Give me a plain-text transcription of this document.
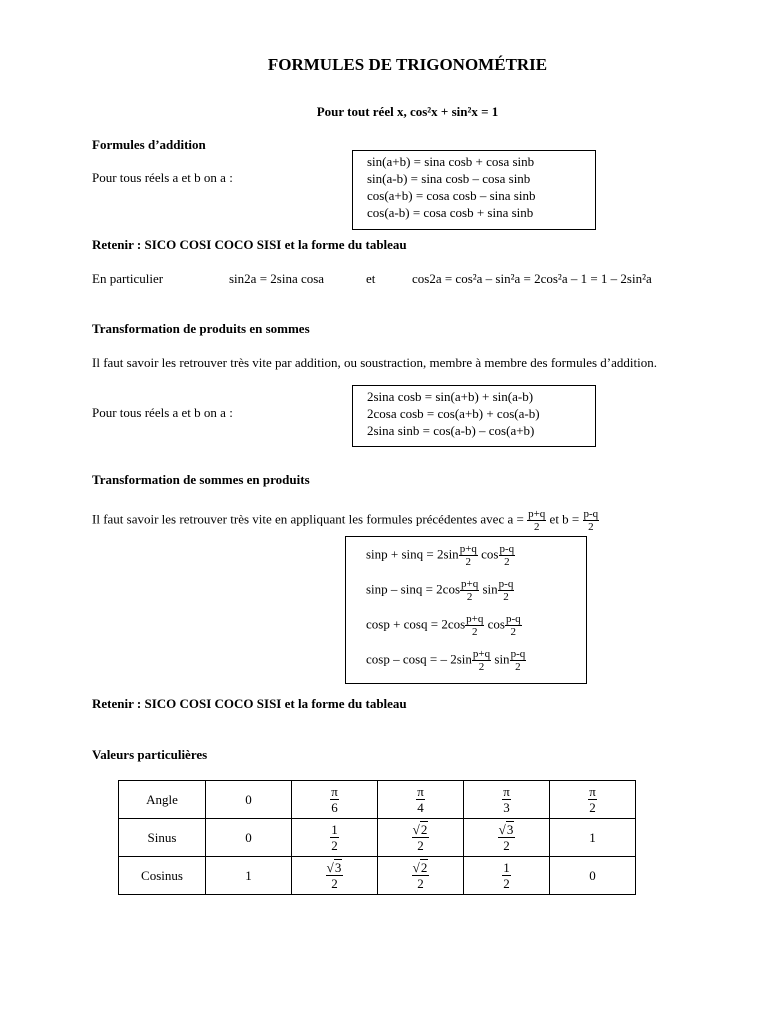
FORMULES DE TRIGONOMÉTRIE
Pour tout réel x, cos²x + sin²x = 1
Formules d’addition
Pour tous réels a et b on a :
sin(a+b) = sina cosb + cosa sinb
sin(a-b) = sina cosb – cosa sinb
cos(a+b) = cosa cosb – sina sinb
cos(a-b) = cosa cosb + sina sinb
Retenir : SICO COSI COCO SISI et la forme du tableau
En particulier	sin2a = 2sina cosa	et	cos2a = cos²a – sin²a = 2cos²a – 1 = 1 – 2sin²a
Transformation de produits en sommes

Il faut savoir les retrouver très vite par addition, ou soustraction, membre à membre des formules d’addition.

Pour tous réels a et b on a :
2sina cosb = sin(a+b) + sin(a-b)
2cosa cosb = cos(a+b) + cos(a-b)
2sina sinb = cos(a-b) – cos(a+b)
Transformation de sommes en produits
Il faut savoir les retrouver très vite en appliquant les formules précédentes avec $a = \frac{p+q}{2}$ et $b = \frac{p-q}{2}$
$\sin p + \sin q = 2\sin \frac{p+q}{2}$ $\cos \frac{p-q}{2}$
$\sin p - \sin q = 2\cos \frac{p+q}{2}$ $\sin \frac{p-q}{2}$
$\cos p + \cos q = 2\cos \frac{p+q}{2}$ $\cos \frac{p-q}{2}$
cosp – cosq = – $2\sin \frac{p+q}{2}$ $\sin \frac{p-q}{2}$
Retenir : SICO COSI COCO SISI et la forme du tableau
Valeurs particulières
Angle	0	$\frac{\pi}{6}$	$\frac{\pi}{4}$	$\frac{\pi}{3}$	$\frac{\pi}{2}$

Sinus	0	$\frac{1}{2}$	$\frac{√2}{2}$	$\frac{√3}{2}$	1
Cosinus	1	$\frac{√3}{2}$	$\frac{√2}{2}$	$\frac{1}{2}$	0
